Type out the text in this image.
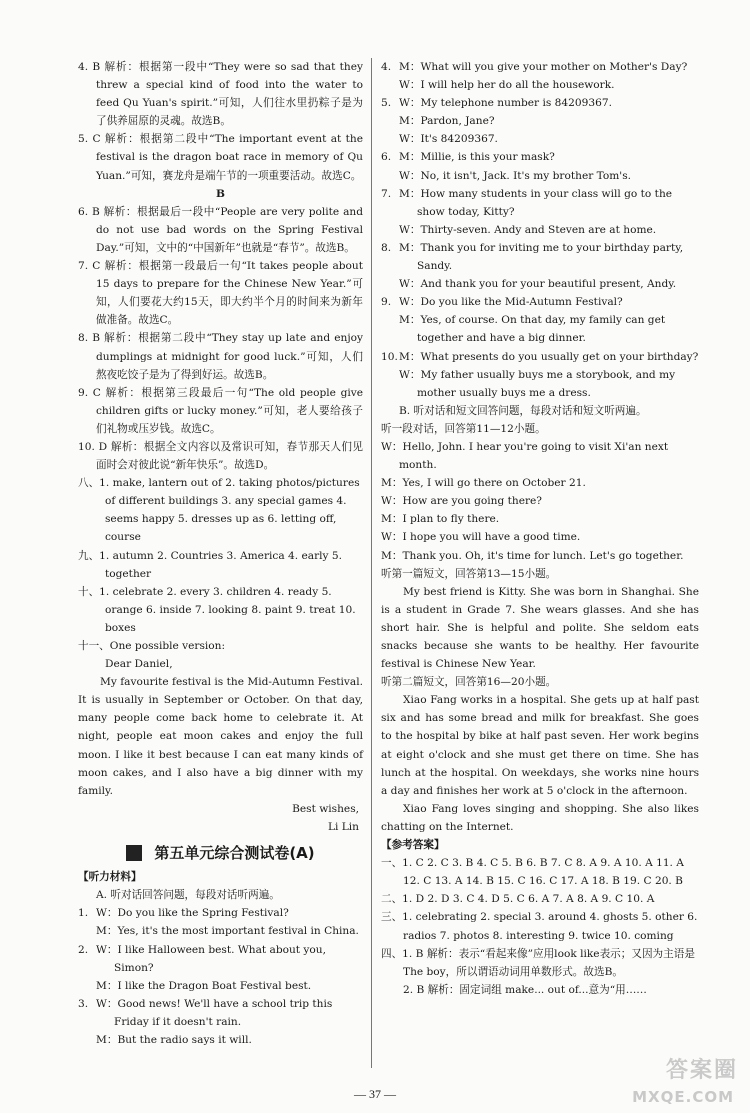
4. B 解析：根据第一段中“They were so sad that they threw a special kind of food into the water to feed Qu Yuan's spirit.”可知，人们往水里扔粽子是为了供养屈原的灵魂。故选B。

5. C 解析：根据第二段中“The important event at the festival is the dragon boat race in memory of Qu Yuan.”可知，赛龙舟是端午节的一项重要活动。故选C。

B

6. B 解析：根据最后一段中“People are very polite and do not use bad words on the Spring Festival Day.”可知，文中的“中国新年”也就是“春节”。故选B。

7. C 解析：根据第一段最后一句“It takes people about 15 days to prepare for the Chinese New Year.”可知，人们要花大约15天，即大约半个月的时间来为新年做准备。故选C。

8. B 解析：根据第二段中“They stay up late and enjoy dumplings at midnight for good luck.”可知，人们熬夜吃饺子是为了得到好运。故选B。

9. C 解析：根据第三段最后一句“The old people give children gifts or lucky money.”可知，老人要给孩子们礼物或压岁钱。故选C。

10. D 解析：根据全文内容以及常识可知，春节那天人们见面时会对彼此说“新年快乐”。故选D。

八、1. make, lantern out of 2. taking photos/pictures of different buildings 3. any special games 4. seems happy 5. dresses up as 6. letting off, course

九、1. autumn 2. Countries 3. America 4. early 5. together

十、1. celebrate 2. every 3. children 4. ready 5. orange 6. inside 7. looking 8. paint 9. treat 10. boxes

十一、One possible version:

Dear Daniel,

My favourite festival is the Mid-Autumn Festival. It is usually in September or October. On that day, many people come back home to celebrate it. At night, people eat moon cakes and enjoy the full moon. I like it best because I can eat many kinds of moon cakes, and I also have a big dinner with my family.

Best wishes,

Li Lin

第五单元综合测试卷(A)

【听力材料】

A. 听对话回答问题，每段对话听两遍。

1. W：Do you like the Spring Festival?
M：Yes, it's the most important festival in China.
2. W：I like Halloween best. What about you, Simon?
M：I like the Dragon Boat Festival best.
3. W：Good news! We'll have a school trip this Friday if it doesn't rain.
M：But the radio says it will.
4. M：What will you give your mother on Mother's Day?
W：I will help her do all the housework.
5. W：My telephone number is 84209367.
M：Pardon, Jane?
W：It's 84209367.
6. M：Millie, is this your mask?
W：No, it isn't, Jack. It's my brother Tom's.
7. M：How many students in your class will go to the show today, Kitty?
W：Thirty-seven. Andy and Steven are at home.
8. M：Thank you for inviting me to your birthday party, Sandy.
W：And thank you for your beautiful present, Andy.
9. W：Do you like the Mid-Autumn Festival?
M：Yes, of course. On that day, my family can get together and have a big dinner.
10. M：What presents do you usually get on your birthday?
W：My father usually buys me a storybook, and my mother usually buys me a dress.

B. 听对话和短文回答问题，每段对话和短文听两遍。

听一段对话，回答第11—12小题。

W：Hello, John. I hear you're going to visit Xi'an next month.

M：Yes, I will go there on October 21.

W：How are you going there?

M：I plan to fly there.

W：I hope you will have a good time.

M：Thank you. Oh, it's time for lunch. Let's go together.

听第一篇短文，回答第13—15小题。

My best friend is Kitty. She was born in Shanghai. She is a student in Grade 7. She wears glasses. And she has short hair. She is helpful and polite. She seldom eats snacks because she wants to be healthy. Her favourite festival is Chinese New Year.

听第二篇短文，回答第16—20小题。

Xiao Fang works in a hospital. She gets up at half past six and has some bread and milk for breakfast. She goes to the hospital by bike at half past seven. Her work begins at eight o'clock and she must get there on time. She has lunch at the hospital. On weekdays, she works nine hours a day and finishes her work at 5 o'clock in the afternoon.

Xiao Fang loves singing and shopping. She also likes chatting on the Internet.

【参考答案】

一、1. C 2. C 3. B 4. C 5. B 6. B 7. C 8. A 9. A 10. A 11. A 12. C 13. A 14. B 15. C 16. C 17. A 18. B 19. C 20. B

二、1. D 2. D 3. C 4. D 5. C 6. A 7. A 8. A 9. C 10. A

三、1. celebrating 2. special 3. around 4. ghosts 5. other 6. radios 7. photos 8. interesting 9. twice 10. coming

四、1. B 解析：表示“看起来像”应用look like表示；又因为主语是The boy，所以谓语动词用单数形式。故选B。

2. B 解析：固定词组 make... out of...意为“用……

— 37 —
答案圈
MXQE.COM
